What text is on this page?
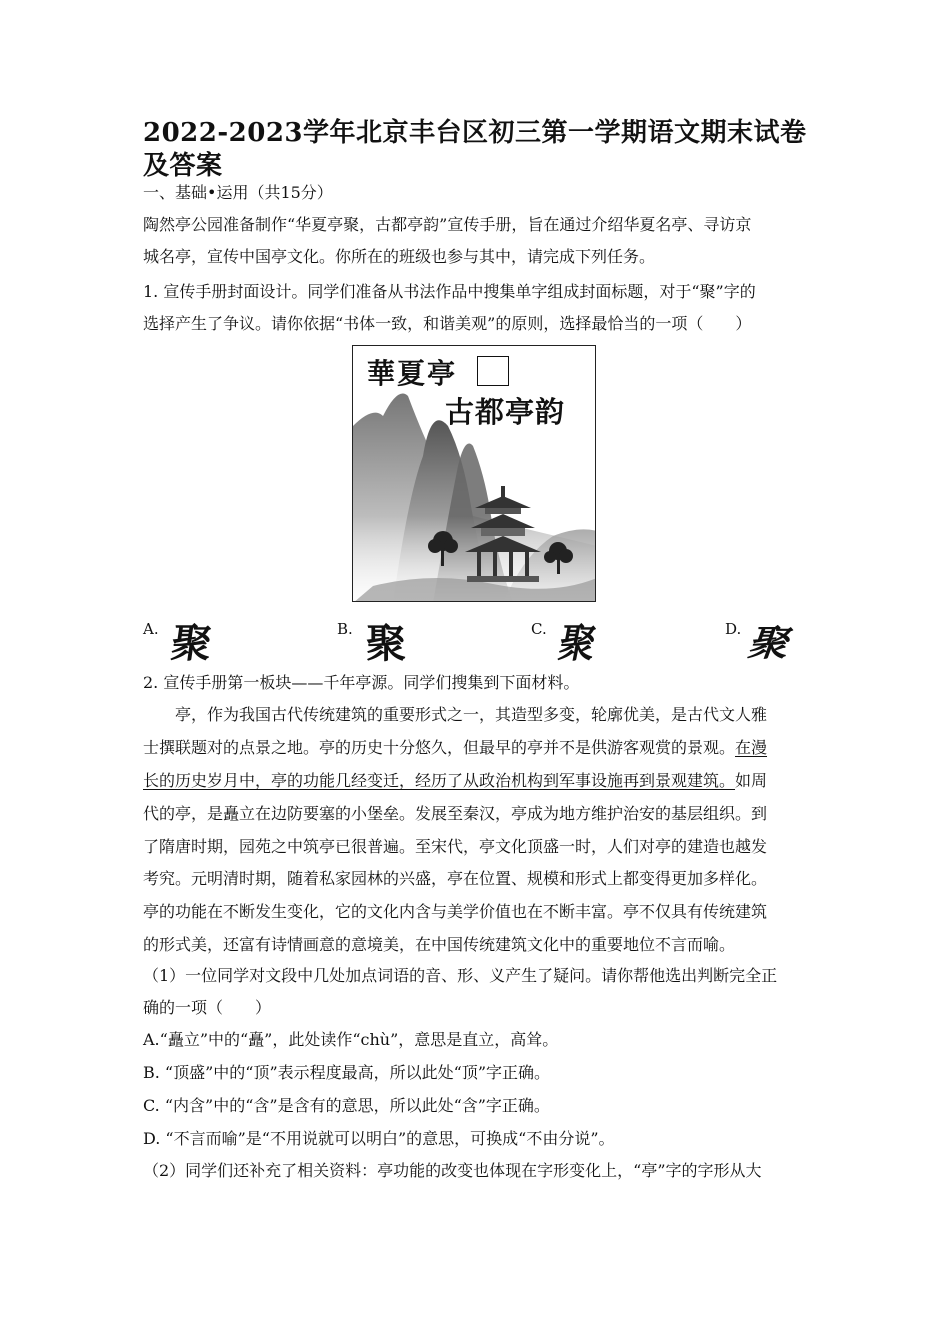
2022-2023学年北京丰台区初三第一学期语文期末试卷及答案
一、基础•运用（共15分）
陶然亭公园准备制作“华夏亭聚，古都亭韵”宣传手册，旨在通过介绍华夏名亭、寻访京
城名亭，宣传中国亭文化。你所在的班级也参与其中，请完成下列任务。
1. 宣传手册封面设计。同学们准备从书法作品中搜集单字组成封面标题，对于“聚”字的
选择产生了争议。请你依据“书体一致，和谐美观”的原则，选择最恰当的一项（　　）
華夏亭
古都亭韵
A. 聚	B. 聚	C. 聚	D. 聚
2. 宣传手册第一板块——千年亭源。同学们搜集到下面材料。
　　亭，作为我国古代传统建筑的重要形式之一，其造型多变，轮廓优美，是古代文人雅
士撰联题对的点景之地。亭的历史十分悠久，但最早的亭并不是供游客观赏的景观。在漫
长的历史岁月中，亭的功能几经变迁，经历了从政治机构到军事设施再到景观建筑。如周
代的亭，是矗立在边防要塞的小堡垒。发展至秦汉，亭成为地方维护治安的基层组织。到
了隋唐时期，园苑之中筑亭已很普遍。至宋代，亭文化顶盛一时，人们对亭的建造也越发
考究。元明清时期，随着私家园林的兴盛，亭在位置、规模和形式上都变得更加多样化。
亭的功能在不断发生变化，它的文化内含与美学价值也在不断丰富。亭不仅具有传统建筑
的形式美，还富有诗情画意的意境美，在中国传统建筑文化中的重要地位不言而喻。
（1）一位同学对文段中几处加点词语的音、形、义产生了疑问。请你帮他选出判断完全正
确的一项（　　）
A.“矗立”中的“矗”，此处读作“chù”，意思是直立，高耸。
B. “顶盛”中的“顶”表示程度最高，所以此处“顶”字正确。
C. “内含”中的“含”是含有的意思，所以此处“含”字正确。
D. “不言而喻”是“不用说就可以明白”的意思，可换成“不由分说”。
（2）同学们还补充了相关资料：亭功能的改变也体现在字形变化上，“亭”字的字形从大
